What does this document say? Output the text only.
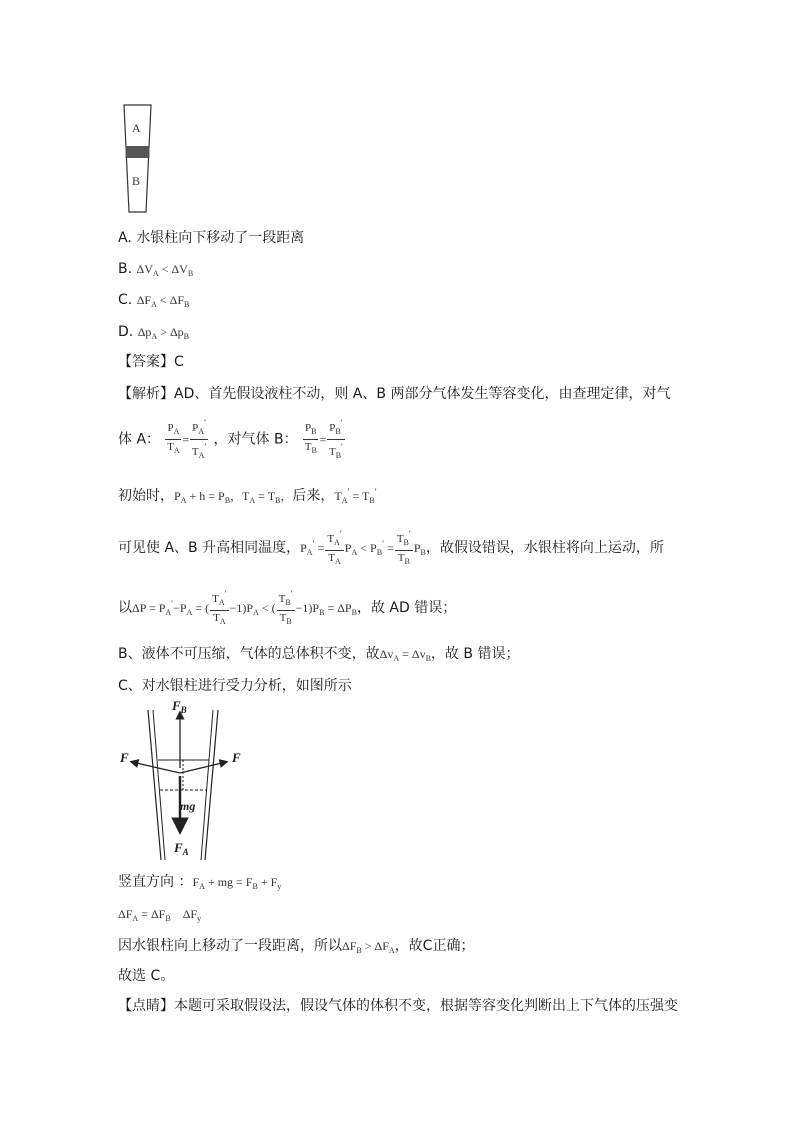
A
B
A. 水银柱向下移动了一段距离
B. $\Delta V_A < \Delta V_B$
C. $\Delta F_A < \Delta F_B$
D. $\Delta p_A > \Delta p_B$
【答案】C
【解析】AD、首先假设液柱不动，则 A、B 两部分气体发生等容变化，由查理定律，对气
体 A： $\frac{P_A}{T_A} = \frac{P_A'}{T_A'}$ ，对气体 B： $\frac{P_B}{T_B} = \frac{P_B'}{T_B'}$
初始时，$P_A + h = P_B$，$T_A = T_B$，后来，$T_A' = T_B'$
可见使 A、B 升高相同温度，$P_A' = \frac{T_A'}{T_A} P_A < P_B' = \frac{T_B'}{T_B} P_B$，故假设错误，水银柱将向上运动，所
以$\Delta P = P_A'-P_A$ = ( $\frac{T_A'}{T_A} -1)P_A$ < ( $\frac{T_B'}{T_B} -1)P_B = \Delta P_B$，故 AD 错误；
B、液体不可压缩，气体的总体积不变，故$\Delta v_A = \Delta v_B$，故 B 错误；
C、对水银柱进行受力分析，如图所示
$F_B$
F	F
mg
$F_A$
竖直方向 ：$F_A$ + mg = $F_B + F_y$
$\Delta F_A = \Delta F_B$    $\Delta F_y$
因水银柱向上移动了一段距离，所以$\Delta F_B > \Delta F_A$，故C正确；
故选 C。
【点睛】本题可采取假设法，假设气体的体积不变，根据等容变化判断出上下气体的压强变
